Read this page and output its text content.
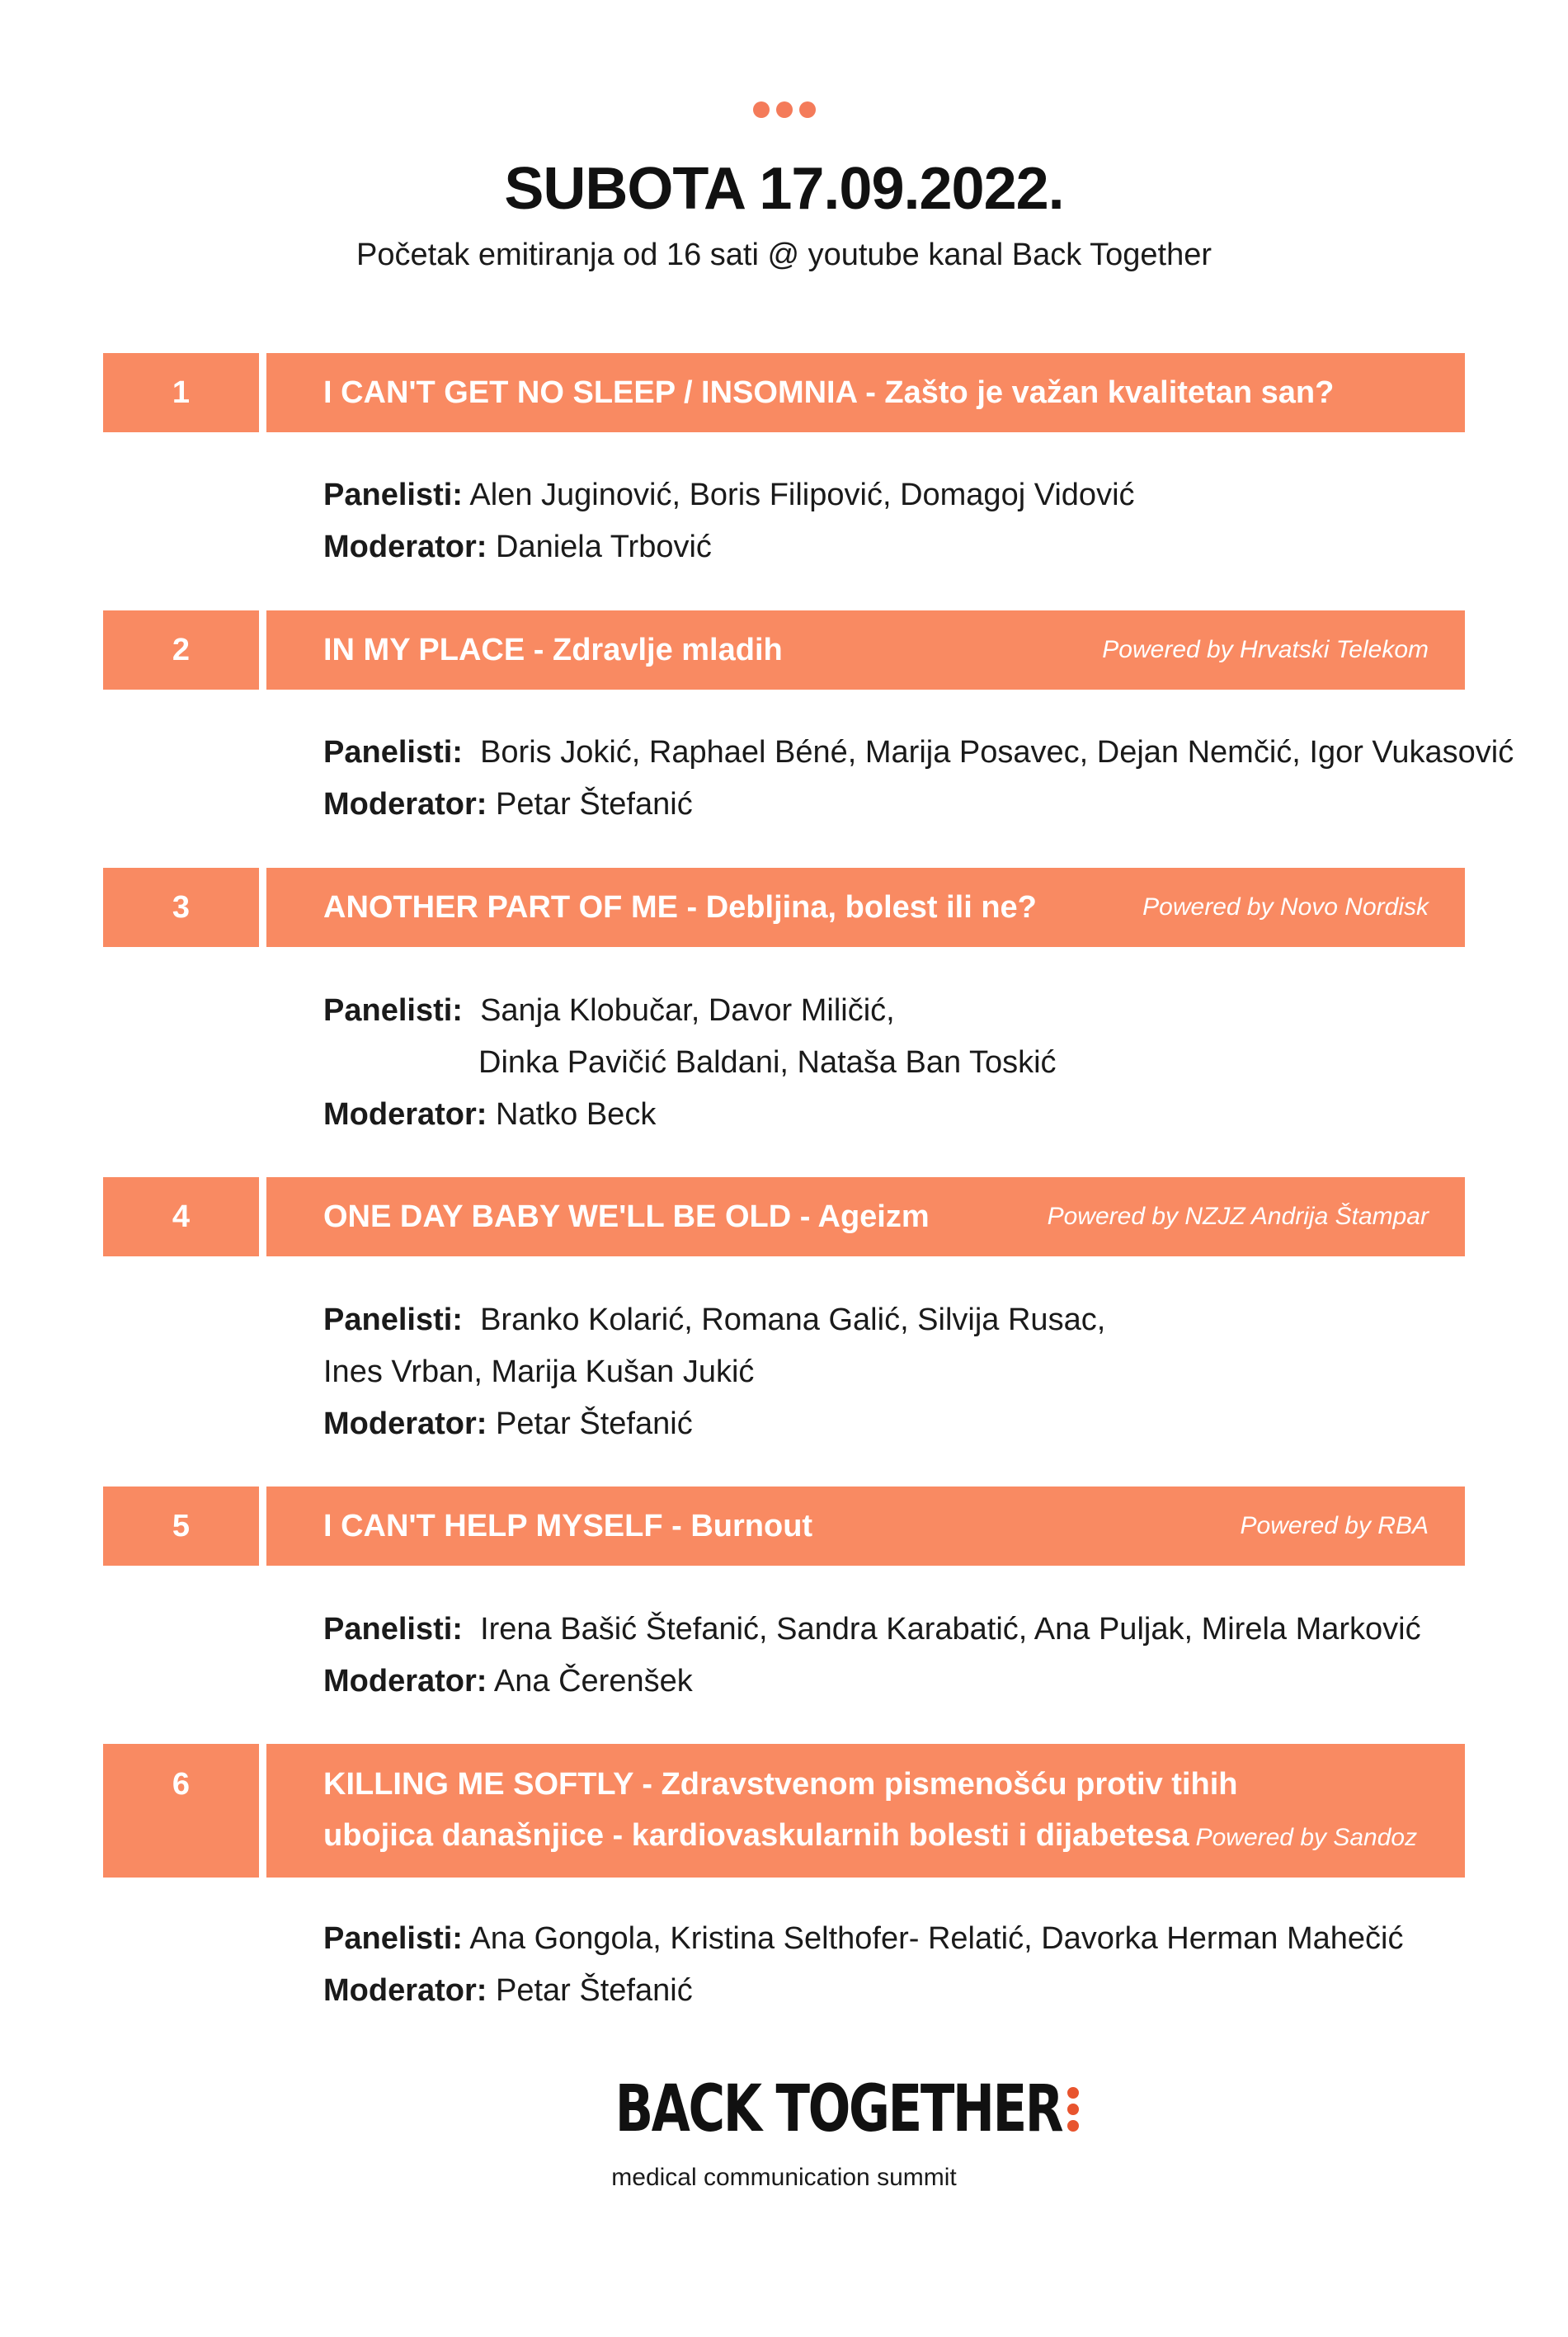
SUBOTA 17.09.2022.
Početak emitiranja od 16 sati @ youtube kanal Back Together
1	I CAN'T GET NO SLEEP / INSOMNIA - Zašto je važan kvalitetan san?
Panelisti: Alen Juginović, Boris Filipović, Domagoj Vidović
Moderator: Daniela Trbović
2	IN MY PLACE - Zdravlje mladih	Powered by Hrvatski Telekom
Panelisti: Boris Jokić, Raphael Béné, Marija Posavec, Dejan Nemčić, Igor Vukasović
Moderator: Petar Štefanić
3	ANOTHER PART OF ME - Debljina, bolest ili ne?	Powered by Novo Nordisk
Panelisti: Sanja Klobučar, Davor Miličić,
Dinka Pavičić Baldani, Nataša Ban Toskić
Moderator: Natko Beck
4	ONE DAY BABY WE'LL BE OLD - Ageizm	Powered by NZJZ Andrija Štampar
Panelisti: Branko Kolarić, Romana Galić, Silvija Rusac,
Ines Vrban, Marija Kušan Jukić
Moderator: Petar Štefanić
5	I CAN'T HELP MYSELF - Burnout	Powered by RBA
Panelisti: Irena Bašić Štefanić, Sandra Karabatić, Ana Puljak, Mirela Marković
Moderator: Ana Čerenšek
6	KILLING ME SOFTLY - Zdravstvenom pismenošću protiv tihih
ubojica današnjice - kardiovaskularnih bolesti i dijabetesa Powered by Sandoz
Panelisti: Ana Gongola, Kristina Selthofer- Relatić, Davorka Herman Mahečić
Moderator: Petar Štefanić
BACK TOGETHER
medical communication summit
